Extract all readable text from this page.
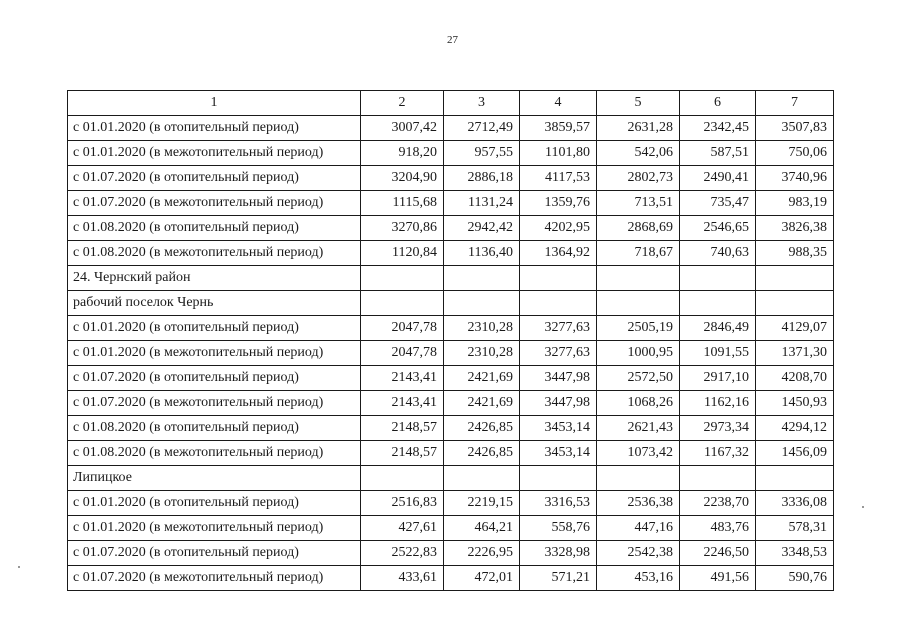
27
1	2	3	4	5	6	7
с 01.01.2020 (в отопительный период)	3007,42	2712,49	3859,57	2631,28	2342,45	3507,83
с 01.01.2020 (в межотопительный период)	918,20	957,55	1101,80	542,06	587,51	750,06
с 01.07.2020 (в отопительный период)	3204,90	2886,18	4117,53	2802,73	2490,41	3740,96
с 01.07.2020 (в межотопительный период)	1115,68	1131,24	1359,76	713,51	735,47	983,19
с 01.08.2020 (в отопительный период)	3270,86	2942,42	4202,95	2868,69	2546,65	3826,38
с 01.08.2020 (в межотопительный период)	1120,84	1136,40	1364,92	718,67	740,63	988,35
24. Чернский район						
рабочий поселок Чернь						
с 01.01.2020 (в отопительный период)	2047,78	2310,28	3277,63	2505,19	2846,49	4129,07
с 01.01.2020 (в межотопительный период)	2047,78	2310,28	3277,63	1000,95	1091,55	1371,30
с 01.07.2020 (в отопительный период)	2143,41	2421,69	3447,98	2572,50	2917,10	4208,70
с 01.07.2020 (в межотопительный период)	2143,41	2421,69	3447,98	1068,26	1162,16	1450,93
с 01.08.2020 (в отопительный период)	2148,57	2426,85	3453,14	2621,43	2973,34	4294,12
с 01.08.2020 (в межотопительный период)	2148,57	2426,85	3453,14	1073,42	1167,32	1456,09
Липицкое						
с 01.01.2020 (в отопительный период)	2516,83	2219,15	3316,53	2536,38	2238,70	3336,08
с 01.01.2020 (в межотопительный период)	427,61	464,21	558,76	447,16	483,76	578,31
с 01.07.2020 (в отопительный период)	2522,83	2226,95	3328,98	2542,38	2246,50	3348,53
с 01.07.2020 (в межотопительный период)	433,61	472,01	571,21	453,16	491,56	590,76
